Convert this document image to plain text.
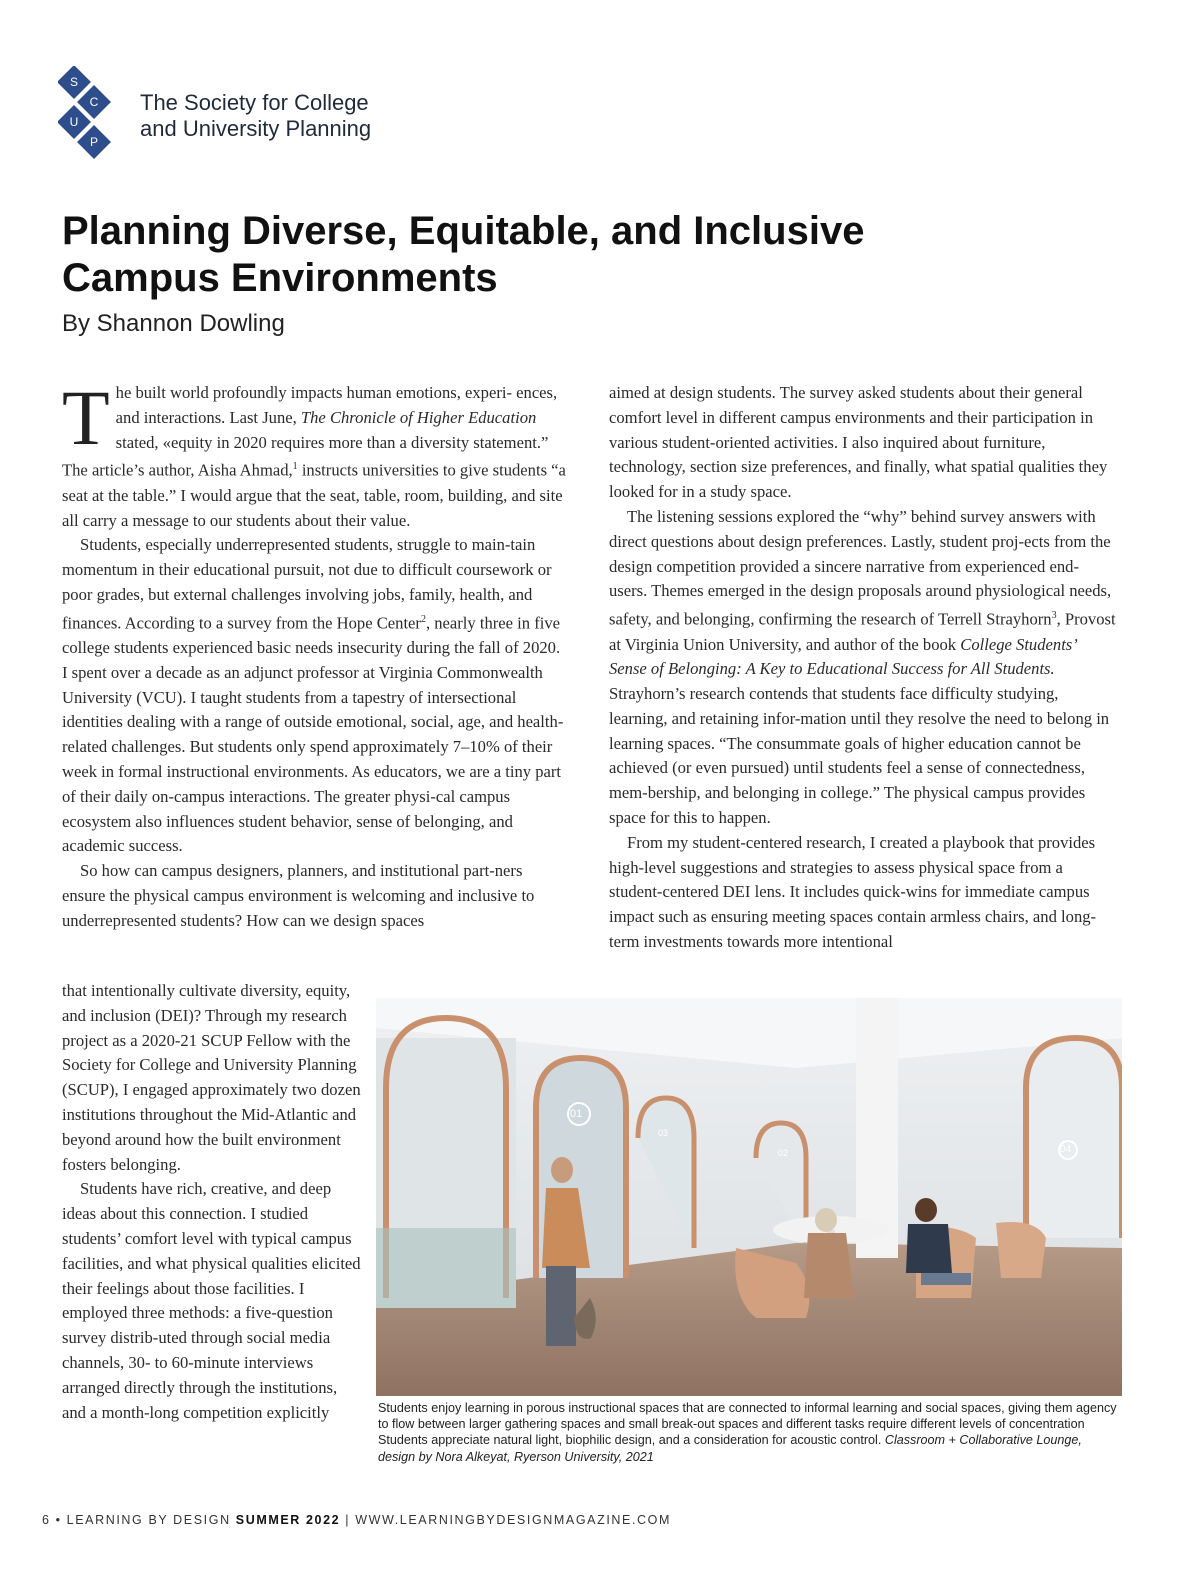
S
C
U
P
The Society for College
and University Planning
Planning Diverse, Equitable, and Inclusive
Campus Environments
By Shannon Dowling

The built world profoundly impacts human emotions, experi- ences, and interactions. Last June, The Chronicle of Higher Education stated, «equity in 2020 requires more than a diversity statement.” The article’s author, Aisha Ahmad,$^1$ instructs universities to give students “a seat at the table.” I would argue that the seat, table, room, building, and site all carry a message to our students about their value.

Students, especially underrepresented students, struggle to main-tain momentum in their educational pursuit, not due to difficult coursework or poor grades, but external challenges involving jobs, family, health, and finances. According to a survey from the Hope Center$^2$, nearly three in five college students experienced basic needs insecurity during the fall of 2020. I spent over a decade as an adjunct professor at Virginia Commonwealth University (VCU). I taught students from a tapestry of intersectional identities dealing with a range of outside emotional, social, age, and health-related challenges. But students only spend approximately 7–10% of their week in formal instructional environments. As educators, we are a tiny part of their daily on-campus interactions. The greater physi-cal campus ecosystem also influences student behavior, sense of belonging, and academic success.

So how can campus designers, planners, and institutional part-ners ensure the physical campus environment is welcoming and inclusive to underrepresented students? How can we design spaces

that intentionally cultivate diversity, equity, and inclusion (DEI)? Through my research project as a 2020-21 SCUP Fellow with the Society for College and University Planning (SCUP), I engaged approximately two dozen institutions throughout the Mid-Atlantic and beyond around how the built environment fosters belonging.

Students have rich, creative, and deep ideas about this connection. I studied students’ comfort level with typical campus facilities, and what physical qualities elicited their feelings about those facilities. I employed three methods: a five-question survey distrib-uted through social media channels, 30- to 60-minute interviews arranged directly through the institutions, and a month-long competition explicitly

aimed at design students. The survey asked students about their general comfort level in different campus environments and their participation in various student-oriented activities. I also inquired about furniture, technology, section size preferences, and finally, what spatial qualities they looked for in a study space.

The listening sessions explored the “why” behind survey answers with direct questions about design preferences. Lastly, student proj-ects from the design competition provided a sincere narrative from experienced end-users. Themes emerged in the design proposals around physiological needs, safety, and belonging, confirming the research of Terrell Strayhorn$^3$, Provost at Virginia Union University, and author of the book College Students’ Sense of Belonging: A Key to Educational Success for All Students. Strayhorn’s research contends that students face difficulty studying, learning, and retaining infor-mation until they resolve the need to belong in learning spaces. “The consummate goals of higher education cannot be achieved (or even pursued) until students feel a sense of connectedness, mem-bership, and belonging in college.” The physical campus provides space for this to happen.

From my student-centered research, I created a playbook that provides high-level suggestions and strategies to assess physical space from a student-centered DEI lens. It includes quick-wins for immediate campus impact such as ensuring meeting spaces contain armless chairs, and long-term investments towards more intentional

01
02
03
04
Students enjoy learning in porous instructional spaces that are connected to informal learning and social spaces, giving them agency to flow between larger gathering spaces and small break-out spaces and different tasks require different levels of concentration Students appreciate natural light, biophilic design, and a consideration for acoustic control. Classroom + Collaborative Lounge, design by Nora Alkeyat, Ryerson University, 2021
6 • LEARNING BY DESIGN SUMMER 2022 | WWW.LEARNINGBYDESIGNMAGAZINE.COM
